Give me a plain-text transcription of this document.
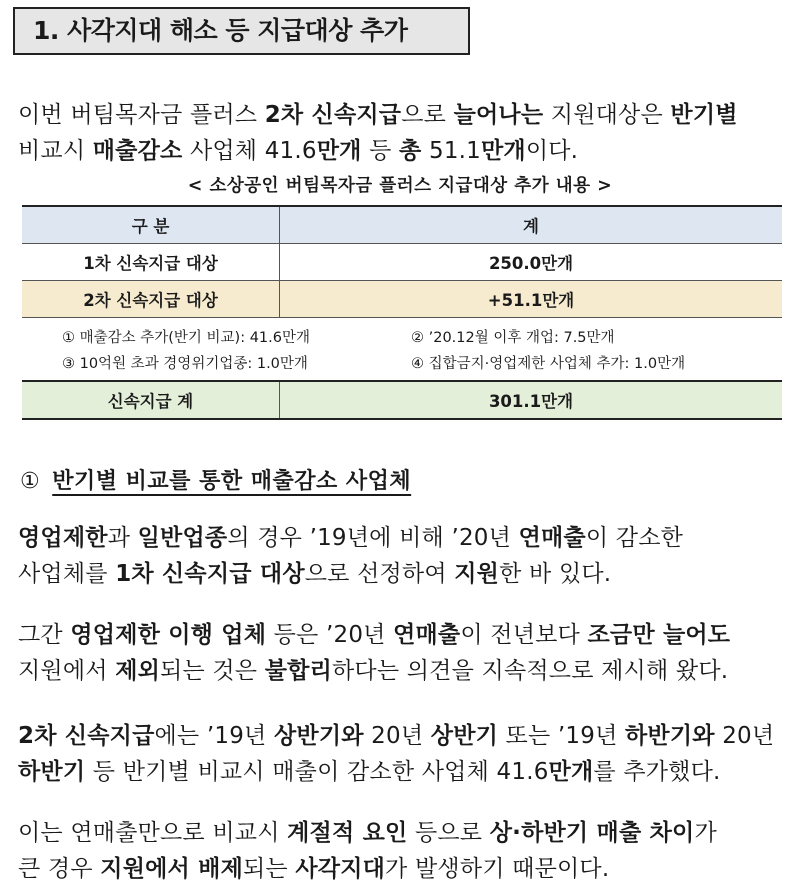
1. 사각지대 해소 등 지급대상 추가
이번 버팀목자금 플러스 2차 신속지급으로 늘어나는 지원대상은 반기별
비교시 매출감소 사업체 41.6만개 등 총 51.1만개이다.
< 소상공인 버팀목자금 플러스 지급대상 추가 내용 >
구 분	계
1차 신속지급 대상	250.0만개
2차 신속지급 대상	+51.1만개

① 매출감소 추가(반기 비교): 41.6만개 ② ’20.12월 이후 개업: 7.5만개
③ 10억원 초과 경영위기업종: 1.0만개 ④ 집합금지·영업제한 사업체 추가: 1.0만개	

신속지급 계	301.1만개
① 반기별 비교를 통한 매출감소 사업체
영업제한과 일반업종의 경우 ’19년에 비해 ’20년 연매출이 감소한
사업체를 1차 신속지급 대상으로 선정하여 지원한 바 있다.
그간 영업제한 이행 업체 등은 ’20년 연매출이 전년보다 조금만 늘어도
지원에서 제외되는 것은 불합리하다는 의견을 지속적으로 제시해 왔다.
2차 신속지급에는 ’19년 상반기와 20년 상반기 또는 ’19년 하반기와 20년
하반기 등 반기별 비교시 매출이 감소한 사업체 41.6만개를 추가했다.
이는 연매출만으로 비교시 계절적 요인 등으로 상·하반기 매출 차이가
큰 경우 지원에서 배제되는 사각지대가 발생하기 때문이다.
